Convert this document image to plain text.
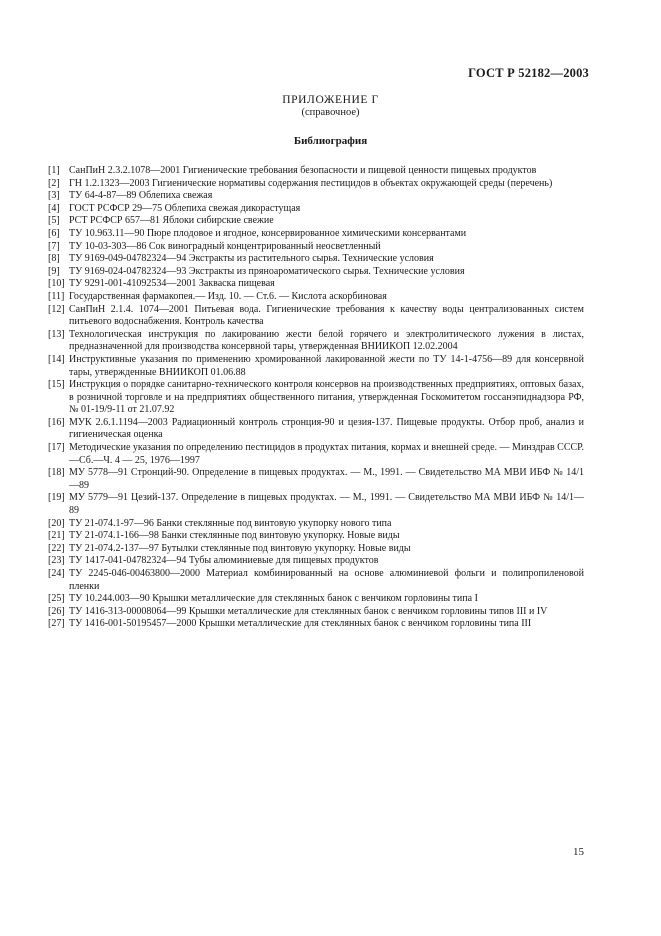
ГОСТ Р 52182—2003
ПРИЛОЖЕНИЕ Г
(справочное)
Библиография
[1] СанПиН 2.3.2.1078—2001 Гигиенические требования безопасности и пищевой ценности пищевых продуктов
[2] ГН 1.2.1323—2003 Гигиенические нормативы содержания пестицидов в объектах окружающей среды (перечень)
[3] ТУ 64-4-87—89 Облепиха свежая
[4] ГОСТ РСФСР 29—75 Облепиха свежая дикорастущая
[5] РСТ РСФСР 657—81 Яблоки сибирские свежие
[6] ТУ 10.963.11—90 Пюре плодовое и ягодное, консервированное химическими консервантами
[7] ТУ 10-03-303—86 Сок виноградный концентрированный неосветленный
[8] ТУ 9169-049-04782324—94 Экстракты из растительного сырья. Технические условия
[9] ТУ 9169-024-04782324—93 Экстракты из пряноароматического сырья. Технические условия
[10] ТУ 9291-001-41092534—2001 Закваска пищевая
[11] Государственная фармакопея.— Изд. 10. — Ст.6. — Кислота аскорбиновая
[12] СанПиН 2.1.4. 1074—2001 Питьевая вода. Гигиенические требования к качеству воды централизованных систем питьевого водоснабжения. Контроль качества
[13] Технологическая инструкция по лакированию жести белой горячего и электролитического лужения в листах, предназначенной для производства консервной тары, утвержденная ВНИИКОП 12.02.2004
[14] Инструктивные указания по применению хромированной лакированной жести по ТУ 14-1-4756—89 для консервной тары, утвержденные ВНИИКОП 01.06.88
[15] Инструкция о порядке санитарно-технического контроля консервов на производственных предприятиях, оптовых базах, в розничной торговле и на предприятиях общественного питания, утвержденная Госкомитетом госсанэпиднадзора РФ, № 01-19/9-11 от 21.07.92
[16] МУК 2.6.1.1194—2003 Радиационный контроль стронция-90 и цезия-137. Пищевые продукты. Отбор проб, анализ и гигиеническая оценка
[17] Методические указания по определению пестицидов в продуктах питания, кормах и внешней среде. — Минздрав СССР.—Сб.—Ч. 4 — 25, 1976—1997
[18] МУ 5778—91 Стронций-90. Определение в пищевых продуктах. — М., 1991. — Свидетельство МА МВИ ИБФ № 14/1—89
[19] МУ 5779—91 Цезий-137. Определение в пищевых продуктах. — М., 1991. — Свидетельство МА МВИ ИБФ № 14/1—89
[20] ТУ 21-074.1-97—96 Банки стеклянные под винтовую укупорку нового типа
[21] ТУ 21-074.1-166—98 Банки стеклянные под винтовую укупорку. Новые виды
[22] ТУ 21-074.2-137—97 Бутылки стеклянные под винтовую укупорку. Новые виды
[23] ТУ 1417-041-04782324—94 Тубы алюминиевые для пищевых продуктов
[24] ТУ 2245-046-00463800—2000 Материал комбинированный на основе алюминиевой фольги и полипропиленовой пленки
[25] ТУ 10.244.003—90 Крышки металлические для стеклянных банок с венчиком горловины типа I
[26] ТУ 1416-313-00008064—99 Крышки металлические для стеклянных банок с венчиком горловины типов III и IV
[27] ТУ 1416-001-50195457—2000 Крышки металлические для стеклянных банок с венчиком горловины типа III
15
